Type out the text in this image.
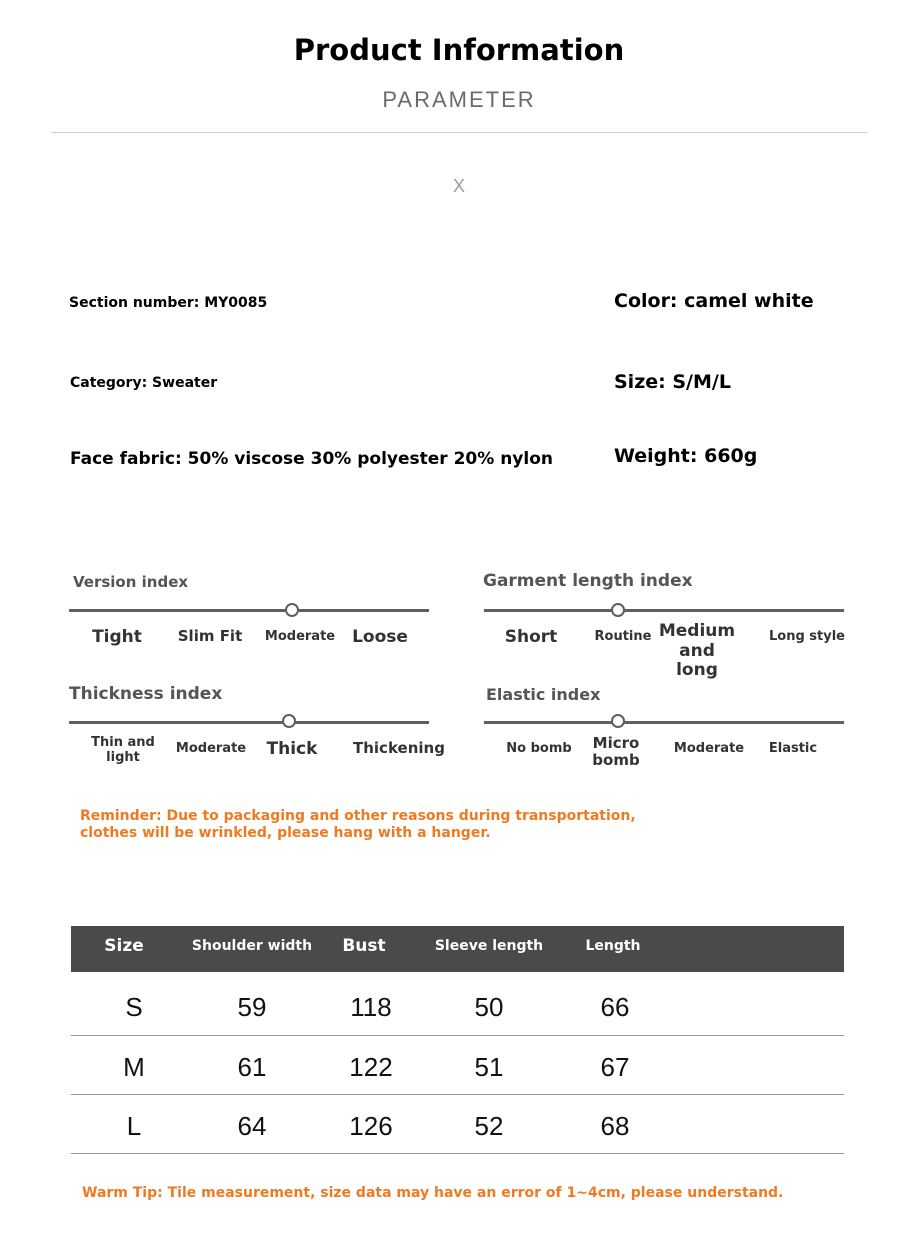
Product Information
PARAMETER
X
Section number: MY0085	Color: camel white
Category: Sweater	Size: S/M/L
Face fabric: 50% viscose 30% polyester 20% nylon	Weight: 660g
Version index
Tight	Slim Fit	Moderate Loose
Garment length index
Short	Routine Medium and long
Long style
Thickness index
Thin and light
Moderate	Thick	Thickening
Elastic index
No bomb	Micro bomb
Moderate	Elastic
Reminder: Due to packaging and other reasons during transportation, clothes will be wrinkled, please hang with a hanger.
Size	Shoulder width	Bust	Sleeve length	Length
S	59	118	50	66
M	61	122	51	67
L	64	126	52	68
Warm Tip: Tile measurement, size data may have an error of 1~4cm, please understand.
